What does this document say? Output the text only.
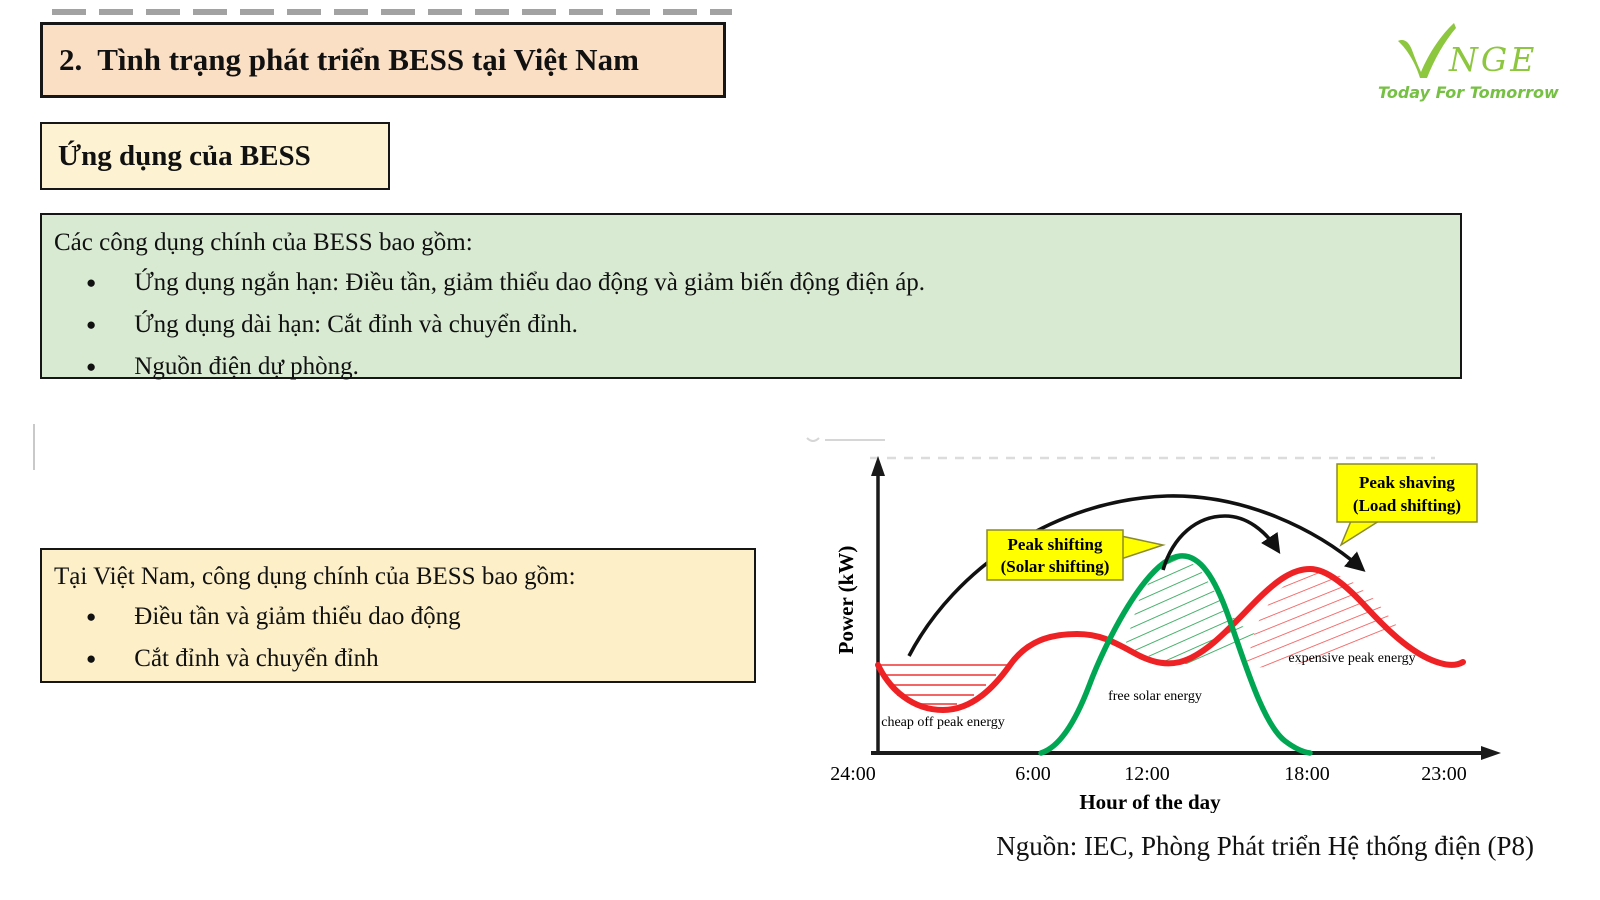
2.  Tình trạng phát triển BESS tại Việt Nam	NGE
Today For Tomorrow
Ứng dụng của BESS
Các công dụng chính của BESS bao gồm:
● Ứng dụng ngắn hạn: Điều tần, giảm thiểu dao động và giảm biến động điện áp.
● Ứng dụng dài hạn: Cắt đỉnh và chuyển đỉnh.
● Nguồn điện dự phòng.
Tại Việt Nam, công dụng chính của BESS bao gồm:
● Điều tần và giảm thiểu dao động
● Cắt đỉnh và chuyển đỉnh
Power (kW)
cheap off peak energy
free solar energy
expensive peak energy
Peak shifting
(Solar shifting)
Peak shaving
(Load shifting)
24:00	6:00	12:00	18:00	23:00
Hour of the day
Nguồn: IEC, Phòng Phát triển Hệ thống điện (P8)
